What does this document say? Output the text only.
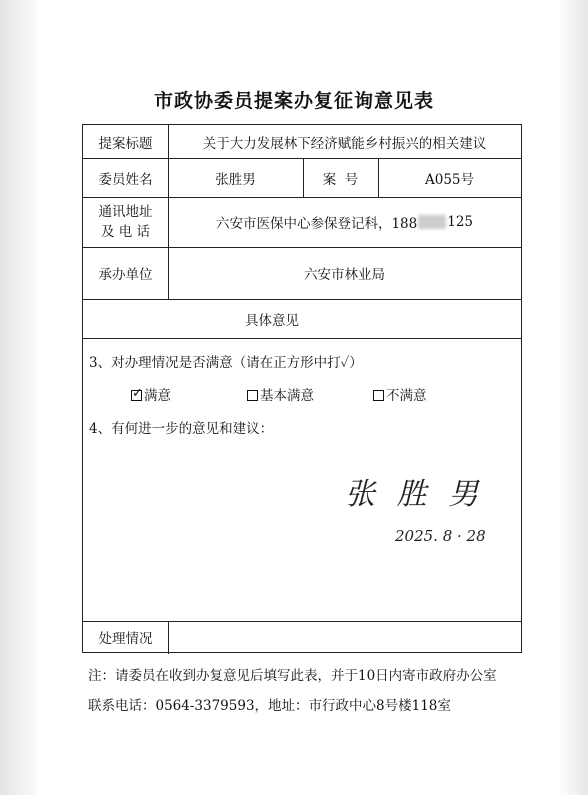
市政协委员提案办复征询意见表
提案标题	关于大力发展林下经济赋能乡村振兴的相关建议
委员姓名	张胜男	案  号	A055号
通讯地址
及 电 话	六安市医保中心参保登记科，188 125
承办单位	六安市林业局
具体意见
3、对办理情况是否满意（请在正方形中打✓）
✓ 满意	基本满意	不满意
4、有何进一步的意见和建议：
张 胜 男
2025. 8 · 28
处理情况
注：请委员在收到办复意见后填写此表，并于10日内寄市政府办公室
联系电话：0564-3379593，地址：市行政中心8号楼118室
